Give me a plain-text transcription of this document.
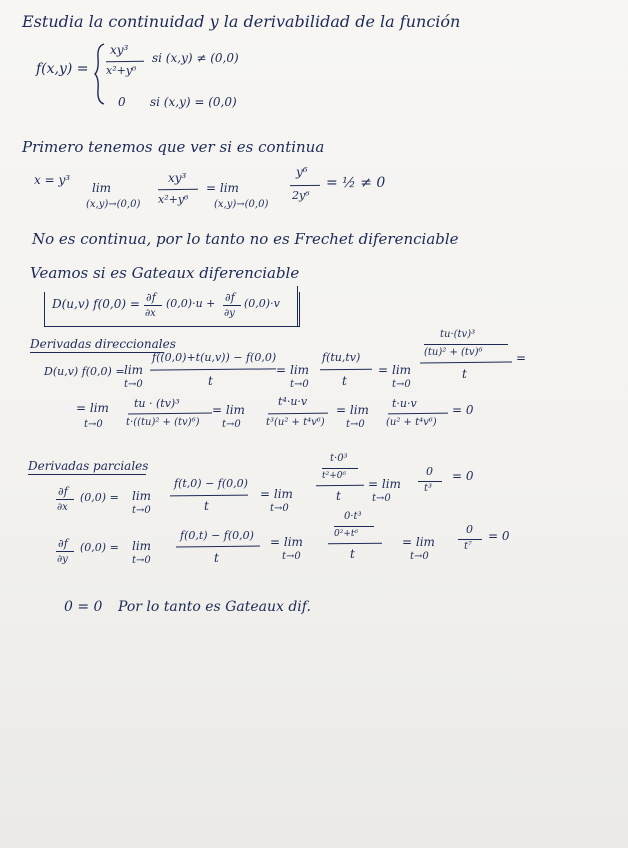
Estudia la continuidad y la derivabilidad de la función
f(x,y) =
xy³
x²+y⁶
si (x,y) ≠ (0,0)
0 si (x,y) = (0,0)
Primero tenemos que ver si es continua
x = y³
lim
(x,y)→(0,0)
xy³
x²+y⁶
= lim
(x,y)→(0,0)
y⁶
2y⁶
= ½ ≠ 0
No es continua, por lo tanto no es Frechet diferenciable
Veamos si es Gateaux diferenciable
D(u,v) f(0,0) = ∂f
∂x
(0,0)·u + ∂f
∂y
(0,0)·v
Derivadas direccionales
D(u,v) f(0,0) = lim
t→0
f((0,0)+t(u,v)) − f(0,0)
t
= lim
t→0
f(tu,tv)
t
= lim
t→0
tu·(tv)³
(tu)² + (tv)⁶
t
=
= lim
t→0
tu · (tv)³
t·((tu)² + (tv)⁶)
= lim
t→0
t⁴·u·v
t³(u² + t⁴v⁶)
= lim
t→0
t·u·v
(u² + t⁴v⁶)
= 0
Derivadas parciales
∂f
∂x
(0,0) = lim
t→0
f(t,0) − f(0,0)
t
= lim
t→0
t·0³
t²+0⁶
t
= lim
t→0
0
t³
= 0
∂f
∂y
(0,0) = lim
t→0
f(0,t) − f(0,0)
t
= lim
t→0
0·t³
0²+t⁶
t
= lim
t→0
0
t⁷
= 0
0 = 0 Por lo tanto es Gateaux dif.
